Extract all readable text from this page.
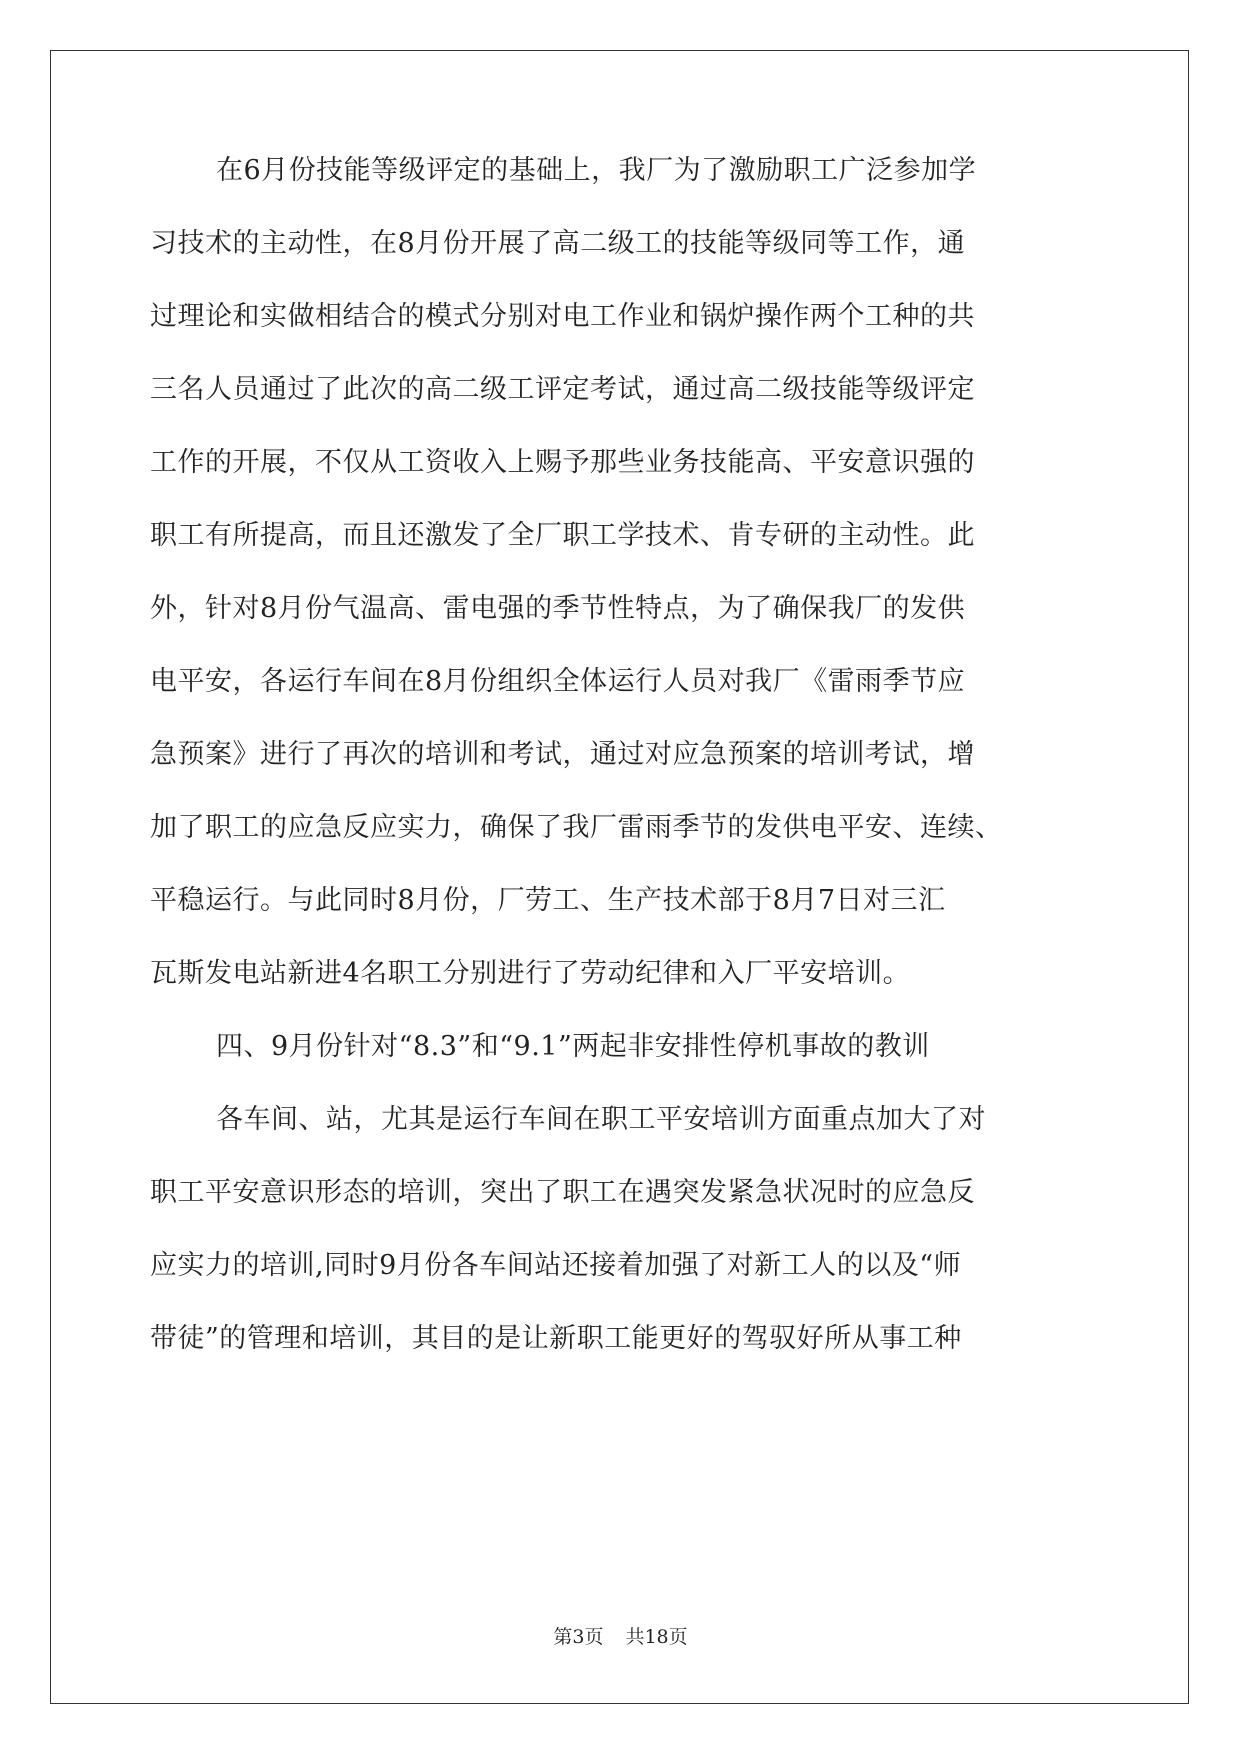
在6月份技能等级评定的基础上，我厂为了激励职工广泛参加学
习技术的主动性，在8月份开展了高二级工的技能等级同等工作，通
过理论和实做相结合的模式分别对电工作业和锅炉操作两个工种的共
三名人员通过了此次的高二级工评定考试，通过高二级技能等级评定
工作的开展，不仅从工资收入上赐予那些业务技能高、平安意识强的
职工有所提高，而且还激发了全厂职工学技术、肯专研的主动性。此
外，针对8月份气温高、雷电强的季节性特点，为了确保我厂的发供
电平安，各运行车间在8月份组织全体运行人员对我厂《雷雨季节应
急预案》进行了再次的培训和考试，通过对应急预案的培训考试，增
加了职工的应急反应实力，确保了我厂雷雨季节的发供电平安、连续、
平稳运行。与此同时8月份，厂劳工、生产技术部于8月7日对三汇
瓦斯发电站新进4名职工分别进行了劳动纪律和入厂平安培训。
四、9月份针对“8.3”和“9.1”两起非安排性停机事故的教训
各车间、站，尤其是运行车间在职工平安培训方面重点加大了对
职工平安意识形态的培训，突出了职工在遇突发紧急状况时的应急反
应实力的培训,同时9月份各车间站还接着加强了对新工人的以及“师
带徒”的管理和培训，其目的是让新职工能更好的驾驭好所从事工种
第3页 共18页
